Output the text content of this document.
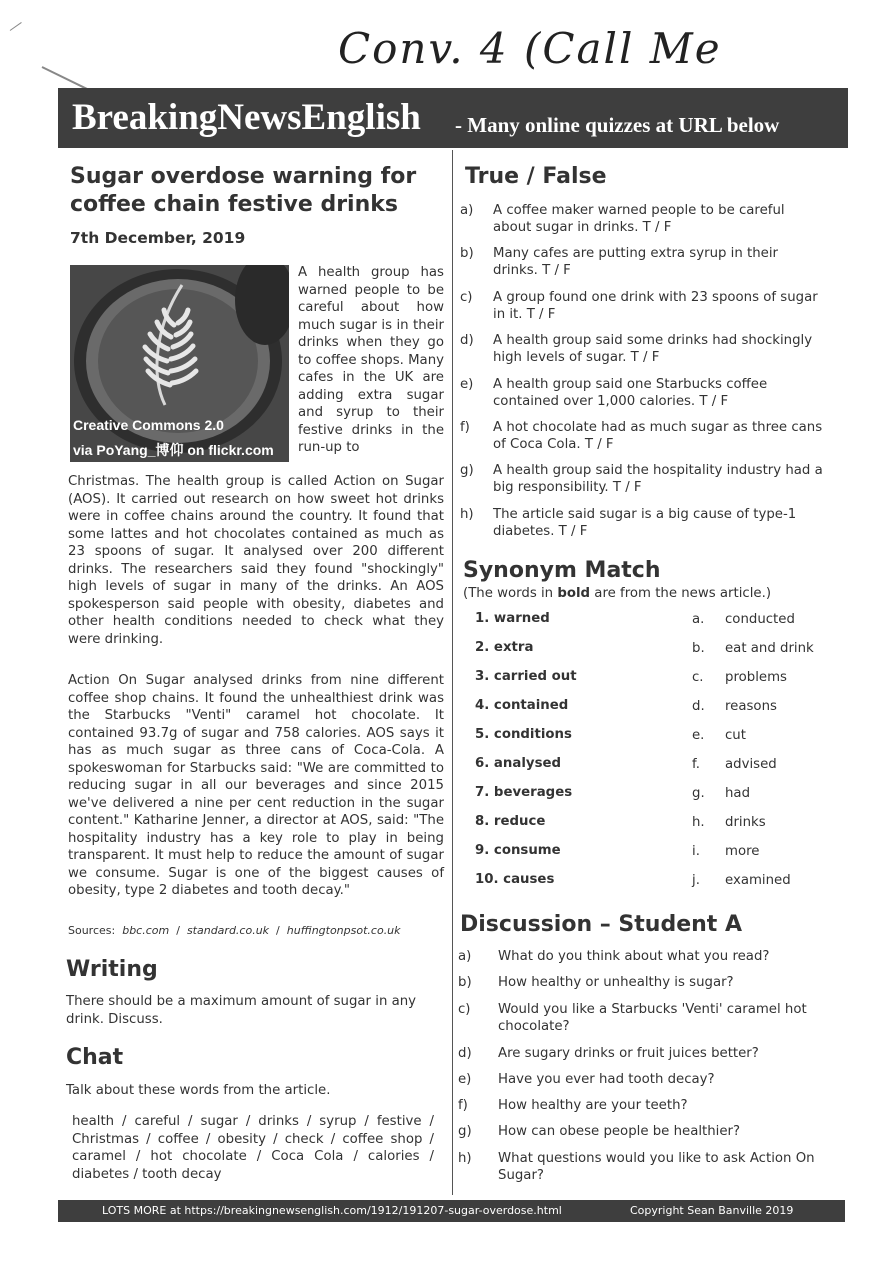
Conv. 4 (Call Me
BreakingNewsEnglish - Many online quizzes at URL below
Sugar overdose warning for coffee chain festive drinks
7th December, 2019
Creative Commons 2.0
via PoYang_博仰 on flickr.com
A health group has warned people to be careful about how much sugar is in their drinks when they go to coffee shops. Many cafes in the UK are adding extra sugar and syrup to their festive drinks in the run-up to
Christmas. The health group is called Action on Sugar (AOS). It carried out research on how sweet hot drinks were in coffee chains around the country. It found that some lattes and hot chocolates contained as much as 23 spoons of sugar. It analysed over 200 different drinks. The researchers said they found "shockingly" high levels of sugar in many of the drinks. An AOS spokesperson said people with obesity, diabetes and other health conditions needed to check what they were drinking.
Action On Sugar analysed drinks from nine different coffee shop chains. It found the unhealthiest drink was the Starbucks "Venti" caramel hot chocolate. It contained 93.7g of sugar and 758 calories. AOS says it has as much sugar as three cans of Coca-Cola. A spokeswoman for Starbucks said: "We are committed to reducing sugar in all our beverages and since 2015 we've delivered a nine per cent reduction in the sugar content." Katharine Jenner, a director at AOS, said: "The hospitality industry has a key role to play in being transparent. It must help to reduce the amount of sugar we consume. Sugar is one of the biggest causes of obesity, type 2 diabetes and tooth decay."
Sources: bbc.com  /  standard.co.uk  /  huffingtonpsot.co.uk
Writing
There should be a maximum amount of sugar in any drink. Discuss.
Chat
Talk about these words from the article.
health / careful / sugar / drinks / syrup / festive / Christmas / coffee / obesity / check / coffee shop / caramel / hot chocolate / Coca Cola / calories / diabetes / tooth decay
True / False
a) A coffee maker warned people to be careful about sugar in drinks. T / F
b) Many cafes are putting extra syrup in their drinks. T / F
c) A group found one drink with 23 spoons of sugar in it. T / F
d) A health group said some drinks had shockingly high levels of sugar. T / F
e) A health group said one Starbucks coffee contained over 1,000 calories. T / F
f) A hot chocolate had as much sugar as three cans of Coca Cola. T / F
g) A health group said the hospitality industry had a big responsibility. T / F
h) The article said sugar is a big cause of type-1 diabetes. T / F
Synonym Match
(The words in bold are from the news article.)
1. warned
2. extra
3. carried out
4. contained
5. conditions
6. analysed
7. beverages
8. reduce
9. consume
10. causes
a. conducted
b. eat and drink
c. problems
d. reasons
e. cut
f. advised
g. had
h. drinks
i. more
j. examined
Discussion – Student A
a) What do you think about what you read?
b) How healthy or unhealthy is sugar?
c) Would you like a Starbucks 'Venti' caramel hot chocolate?
d) Are sugary drinks or fruit juices better?
e) Have you ever had tooth decay?
f) How healthy are your teeth?
g) How can obese people be healthier?
h) What questions would you like to ask Action On Sugar?
LOTS MORE at https://breakingnewsenglish.com/1912/191207-sugar-overdose.html	Copyright Sean Banville 2019
